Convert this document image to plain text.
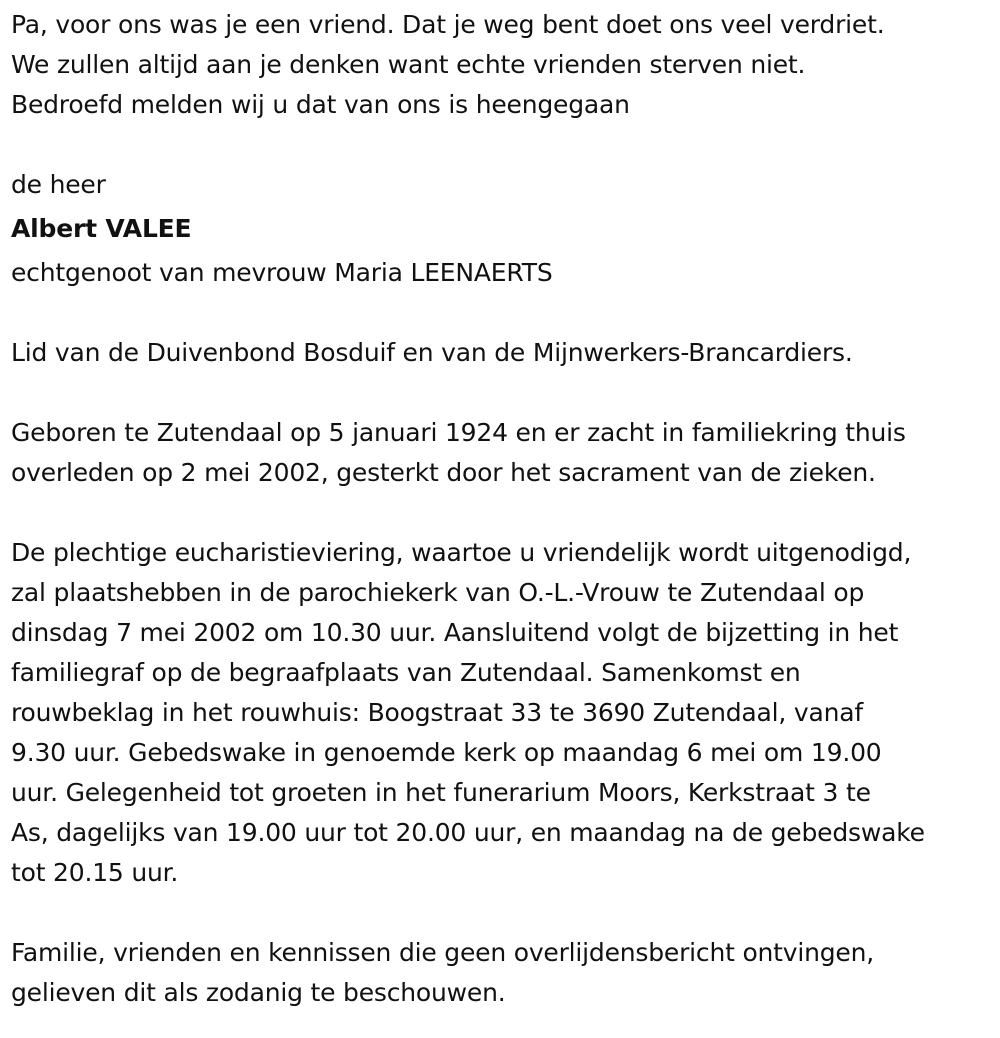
Pa, voor ons was je een vriend. Dat je weg bent doet ons veel verdriet.
We zullen altijd aan je denken want echte vrienden sterven niet.
Bedroefd melden wij u dat van ons is heengegaan
de heer
Albert VALEE
echtgenoot van mevrouw Maria LEENAERTS
Lid van de Duivenbond Bosduif en van de Mijnwerkers-Brancardiers.
Geboren te Zutendaal op 5 januari 1924 en er zacht in familiekring thuis
overleden op 2 mei 2002, gesterkt door het sacrament van de zieken.
De plechtige eucharistieviering, waartoe u vriendelijk wordt uitgenodigd,
zal plaatshebben in de parochiekerk van O.-L.-Vrouw te Zutendaal op
dinsdag 7 mei 2002 om 10.30 uur. Aansluitend volgt de bijzetting in het
familiegraf op de begraafplaats van Zutendaal. Samenkomst en
rouwbeklag in het rouwhuis: Boogstraat 33 te 3690 Zutendaal, vanaf
9.30 uur. Gebedswake in genoemde kerk op maandag 6 mei om 19.00
uur. Gelegenheid tot groeten in het funerarium Moors, Kerkstraat 3 te
As, dagelijks van 19.00 uur tot 20.00 uur, en maandag na de gebedswake
tot 20.15 uur.
Familie, vrienden en kennissen die geen overlijdensbericht ontvingen,
gelieven dit als zodanig te beschouwen.
